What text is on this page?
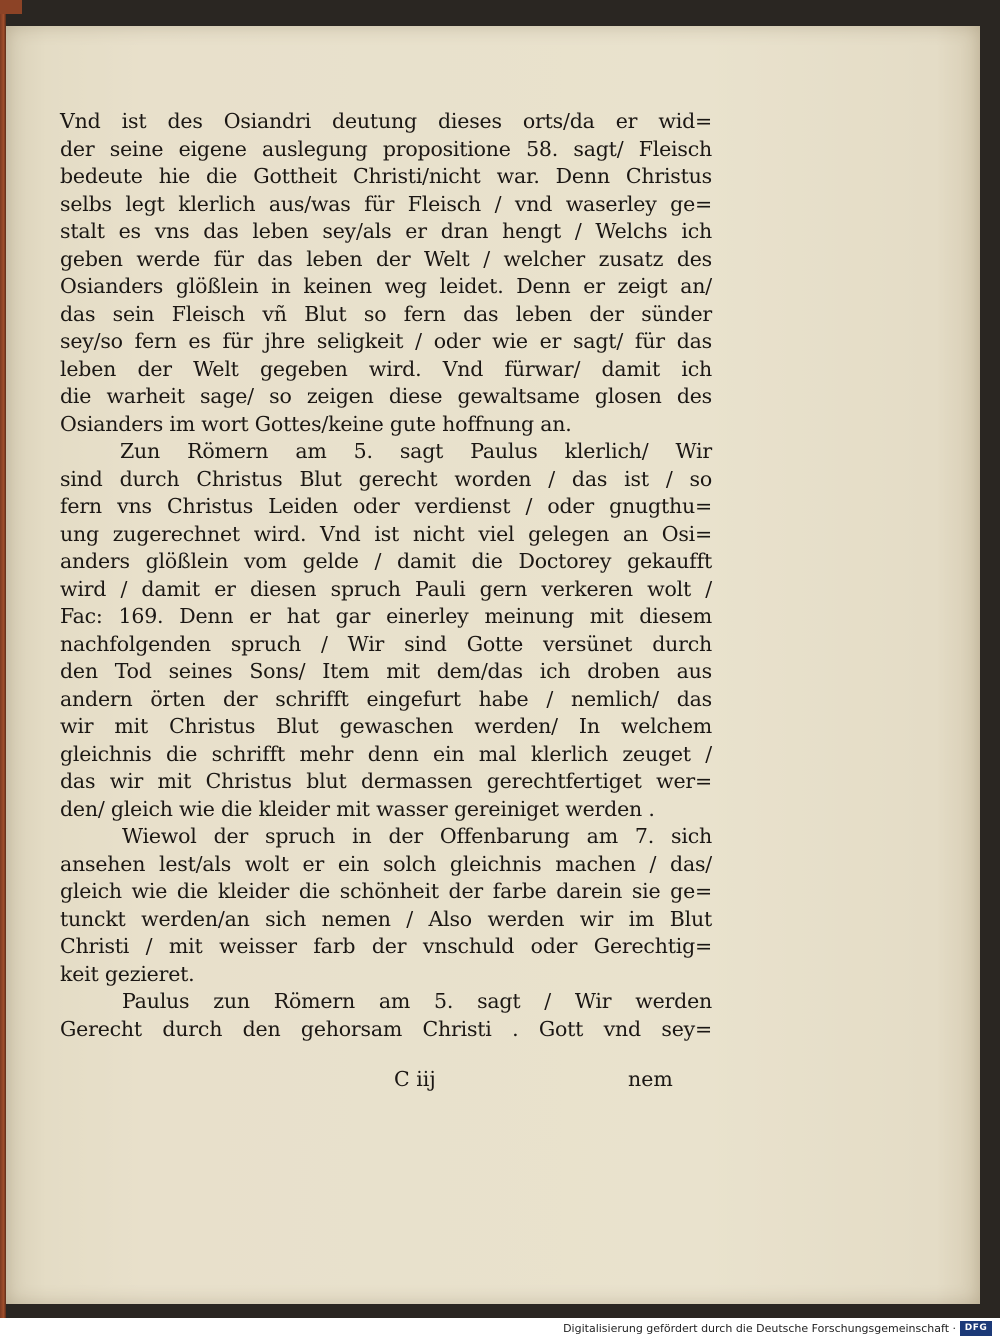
Vnd ist des Osiandri deutung dieses orts/da er wid=
der seine eigene auslegung propositione 58. sagt/ Fleisch
bedeute hie die Gottheit Christi/nicht war. Denn Christus
selbs legt klerlich aus/was für Fleisch / vnd waserley ge=
stalt es vns das leben sey/als er dran hengt / Welchs ich
geben werde für das leben der Welt / welcher zusatz des
Osianders glößlein in keinen weg leidet. Denn er zeigt an/
das sein Fleisch vñ Blut so fern das leben der sünder
sey/so fern es für jhre seligkeit / oder wie er sagt/ für das
leben der Welt gegeben wird. Vnd fürwar/ damit ich
die warheit sage/ so zeigen diese gewaltsame glosen des
Osianders im wort Gottes/keine gute hoffnung an.
Zun Römern am 5. sagt Paulus klerlich/ Wir
sind durch Christus Blut gerecht worden / das ist / so
fern vns Christus Leiden oder verdienst / oder gnugthu=
ung zugerechnet wird. Vnd ist nicht viel gelegen an Osi=
anders glößlein vom gelde / damit die Doctorey gekaufft
wird / damit er diesen spruch Pauli gern verkeren wolt /
Fac: 169. Denn er hat gar einerley meinung mit diesem
nachfolgenden spruch / Wir sind Gotte versünet durch
den Tod seines Sons/ Item mit dem/das ich droben aus
andern örten der schrifft eingefurt habe / nemlich/ das
wir mit Christus Blut gewaschen werden/ In welchem
gleichnis die schrifft mehr denn ein mal klerlich zeuget /
das wir mit Christus blut dermassen gerechtfertiget wer=
den/ gleich wie die kleider mit wasser gereiniget werden .
Wiewol der spruch in der Offenbarung am 7. sich
ansehen lest/als wolt er ein solch gleichnis machen / das/
gleich wie die kleider die schönheit der farbe darein sie ge=
tunckt werden/an sich nemen / Also werden wir im Blut
Christi / mit weisser farb der vnschuld oder Gerechtig=
keit gezieret.
Paulus zun Römern am 5. sagt / Wir werden
Gerecht durch den gehorsam Christi . Gott vnd sey=
C iij	nem
Digitalisierung gefördert durch die Deutsche Forschungsgemeinschaft · DFG
